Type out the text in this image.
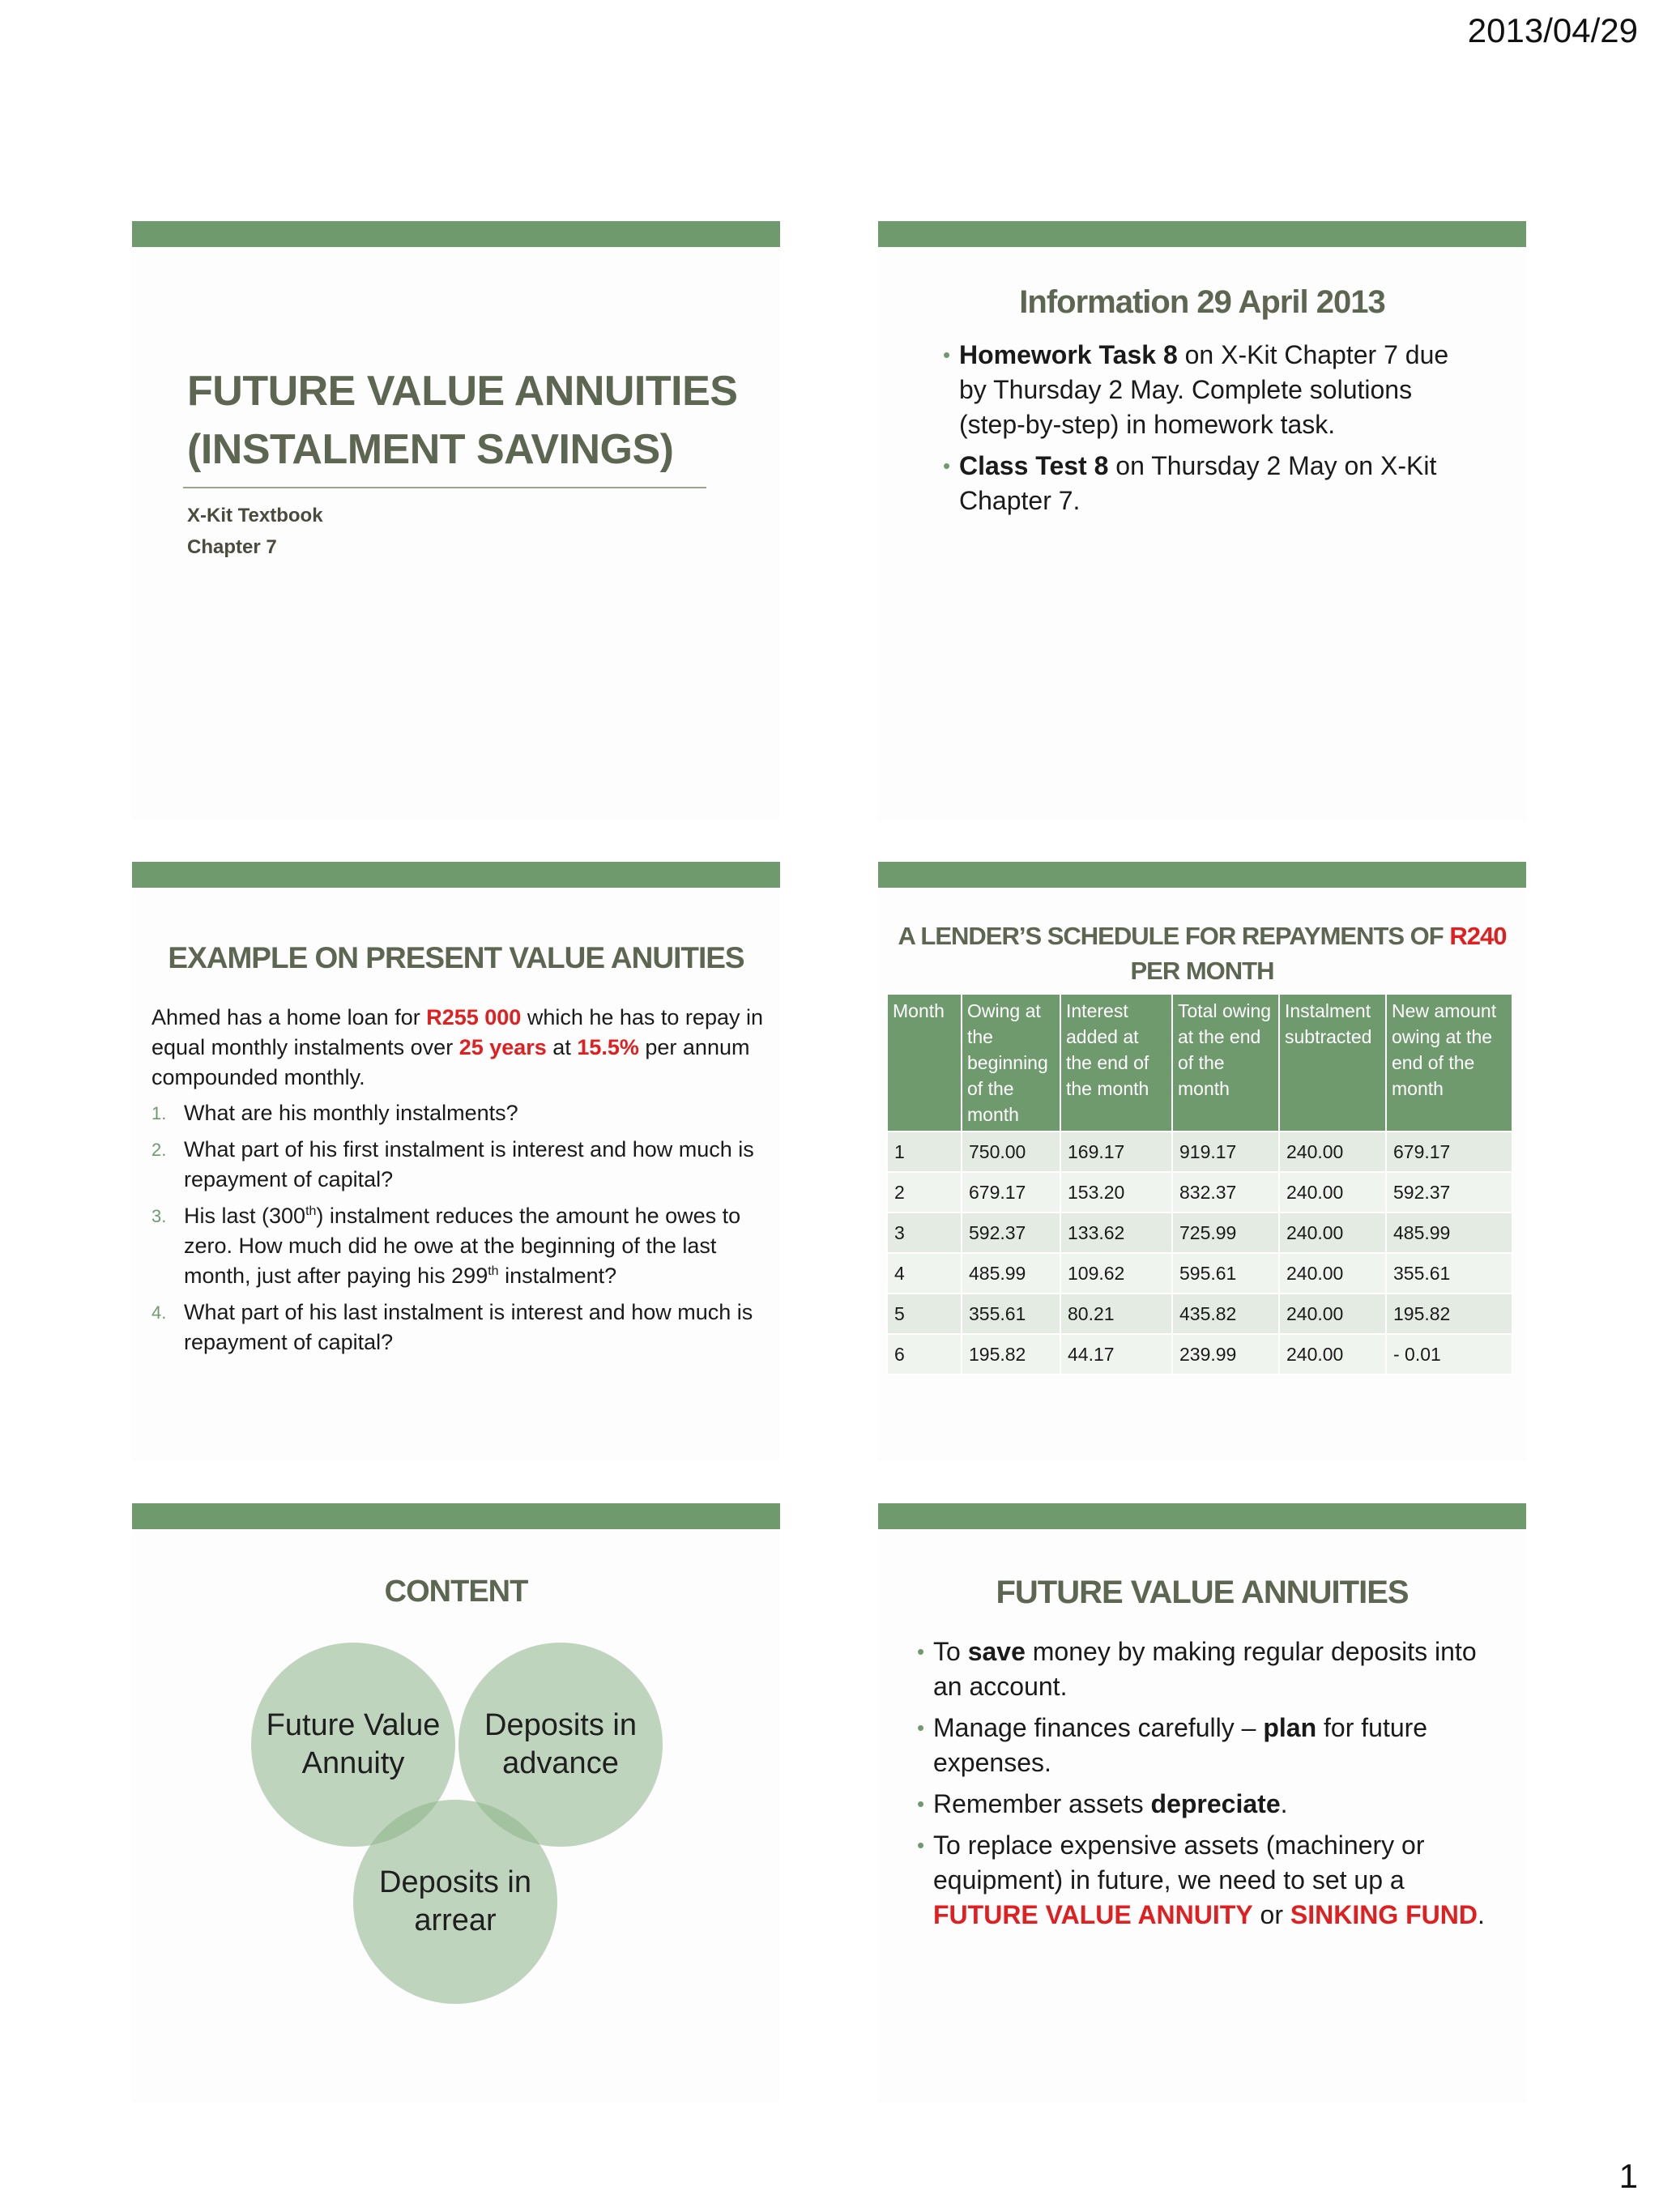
2013/04/29
FUTURE VALUE ANNUITIES
(INSTALMENT SAVINGS)
X-Kit Textbook
Chapter 7
Information 29 April 2013
• Homework Task 8 on X-Kit Chapter 7 due by Thursday 2 May. Complete solutions (step-by-step) in homework task.
• Class Test 8 on Thursday 2 May on X-Kit Chapter 7.
EXAMPLE ON PRESENT VALUE ANUITIES
Ahmed has a home loan for R255 000 which he has to repay in equal monthly instalments over 25 years at 15.5% per annum compounded monthly.
1. What are his monthly instalments?
2. What part of his first instalment is interest and how much is repayment of capital?
3. His last (300th) instalment reduces the amount he owes to zero. How much did he owe at the beginning of the last month, just after paying his 299th instalment?
4. What part of his last instalment is interest and how much is repayment of capital?
A LENDER’S SCHEDULE FOR REPAYMENTS OF R240
PER MONTH
Month	Owing at the beginning of the month	Interest added at the end of the month	Total owing at the end of the month	Instalment subtracted	New amount owing at the end of the month
1	750.00	169.17	919.17	240.00	679.17
2	679.17	153.20	832.37	240.00	592.37
3	592.37	133.62	725.99	240.00	485.99
4	485.99	109.62	595.61	240.00	355.61
5	355.61	80.21	435.82	240.00	195.82
6	195.82	44.17	239.99	240.00	- 0.01
CONTENT
Future Value Annuity
Deposits in advance
Deposits in arrear
FUTURE VALUE ANNUITIES
• To save money by making regular deposits into an account.
• Manage finances carefully – plan for future expenses.
• Remember assets depreciate.
• To replace expensive assets (machinery or equipment) in future, we need to set up a FUTURE VALUE ANNUITY or SINKING FUND.
1
